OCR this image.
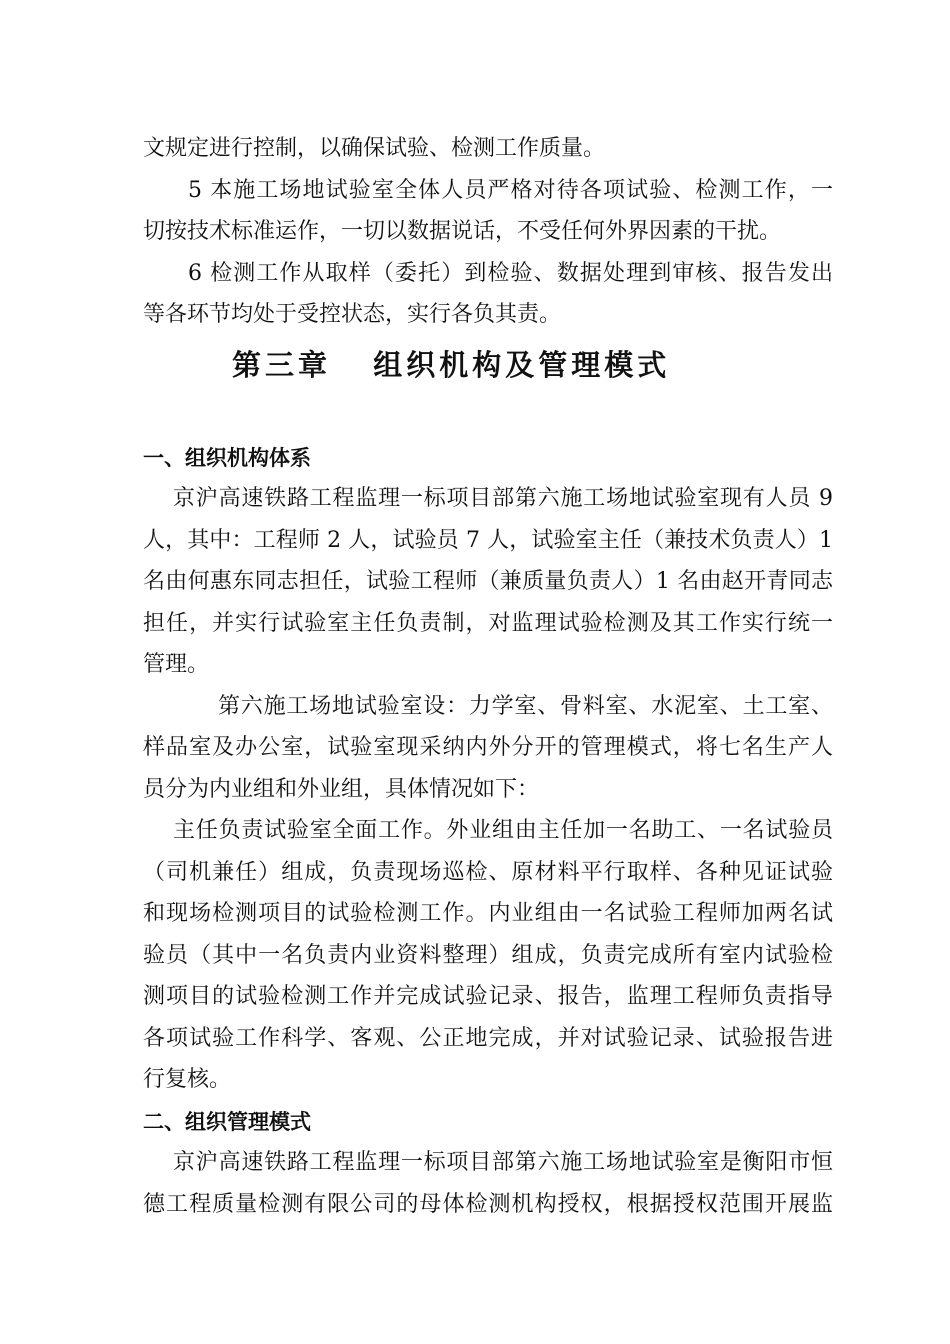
文规定进行控制，以确保试验、检测工作质量。
5 本施工场地试验室全体人员严格对待各项试验、检测工作，一
切按技术标准运作，一切以数据说话，不受任何外界因素的干扰。
6 检测工作从取样（委托）到检验、数据处理到审核、报告发出
等各环节均处于受控状态，实行各负其责。
第三章   组织机构及管理模式
一、组织机构体系
京沪高速铁路工程监理一标项目部第六施工场地试验室现有人员 9
人，其中：工程师 2 人，试验员 7 人，试验室主任（兼技术负责人）1
名由何惠东同志担任，试验工程师（兼质量负责人）1 名由赵开青同志
担任，并实行试验室主任负责制，对监理试验检测及其工作实行统一
管理。
第六施工场地试验室设：力学室、骨料室、水泥室、土工室、
样品室及办公室，试验室现采纳内外分开的管理模式，将七名生产人
员分为内业组和外业组，具体情况如下：
主任负责试验室全面工作。外业组由主任加一名助工、一名试验员
（司机兼任）组成，负责现场巡检、原材料平行取样、各种见证试验
和现场检测项目的试验检测工作。内业组由一名试验工程师加两名试
验员（其中一名负责内业资料整理）组成，负责完成所有室内试验检
测项目的试验检测工作并完成试验记录、报告，监理工程师负责指导
各项试验工作科学、客观、公正地完成，并对试验记录、试验报告进
行复核。
二、组织管理模式
京沪高速铁路工程监理一标项目部第六施工场地试验室是衡阳市恒
德工程质量检测有限公司的母体检测机构授权，根据授权范围开展监
